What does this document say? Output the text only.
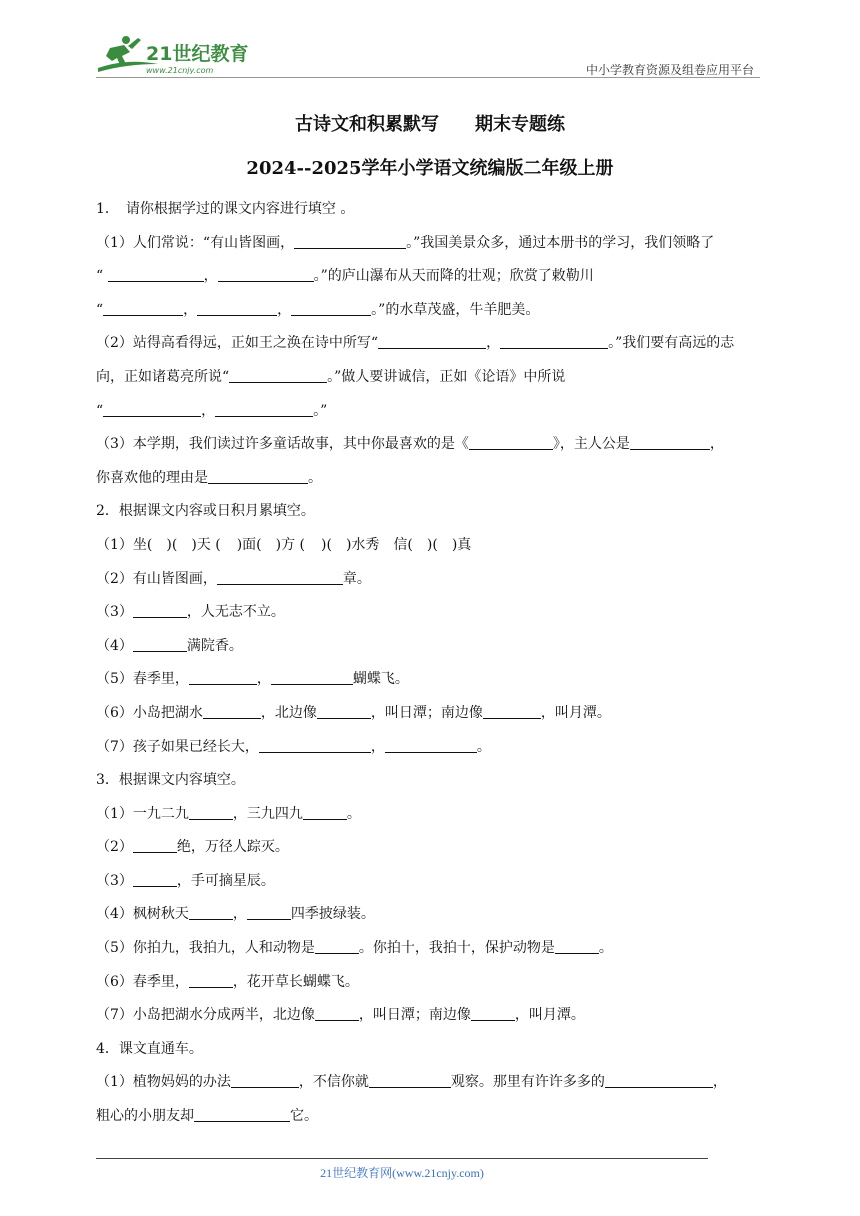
21世纪教育
www.21cnjy.com	中小学教育资源及组卷应用平台
古诗文和积累默写　　期末专题练
2024--2025学年小学语文统编版二年级上册
1．　请你根据学过的课文内容进行填空 。
（1）人们常说：“有山皆图画，	。”我国美景众多，通过本册书的学习，我们领略了
“	，	。”的庐山瀑布从天而降的壮观；欣赏了敕勒川
“	，	，	。”的水草茂盛，牛羊肥美。
（2）站得高看得远，正如王之涣在诗中所写“	，	。”我们要有高远的志
向，正如诸葛亮所说“	。”做人要讲诚信，正如《论语》中所说
“	，	。”
（3）本学期，我们读过许多童话故事，其中你最喜欢的是《	》，主人公是	，
你喜欢他的理由是	。
2．根据课文内容或日积月累填空。
（1）坐( )( )天 ( )面( )方 ( )( )水秀　信( )( )真
（2）有山皆图画，	章。
（3）	，人无志不立。
（4）	满院香。
（5）春季里，	，	蝴蝶飞。
（6）小岛把湖水	，北边像	，叫日潭；南边像	，叫月潭。
（7）孩子如果已经长大，	，	。
3．根据课文内容填空。
（1）一九二九	，三九四九	。
（2）	绝，万径人踪灭。
（3）	，手可摘星辰。
（4）枫树秋天	，	四季披绿装。
（5）你拍九，我拍九，人和动物是	。你拍十，我拍十，保护动物是	。
（6）春季里，	，花开草长蝴蝶飞。
（7）小岛把湖水分成两半，北边像	，叫日潭；南边像	，叫月潭。
4．课文直通车。
（1）植物妈妈的办法	，不信你就	观察。那里有许许多多的	，
粗心的小朋友却	它。
21世纪教育网(www.21cnjy.com)
